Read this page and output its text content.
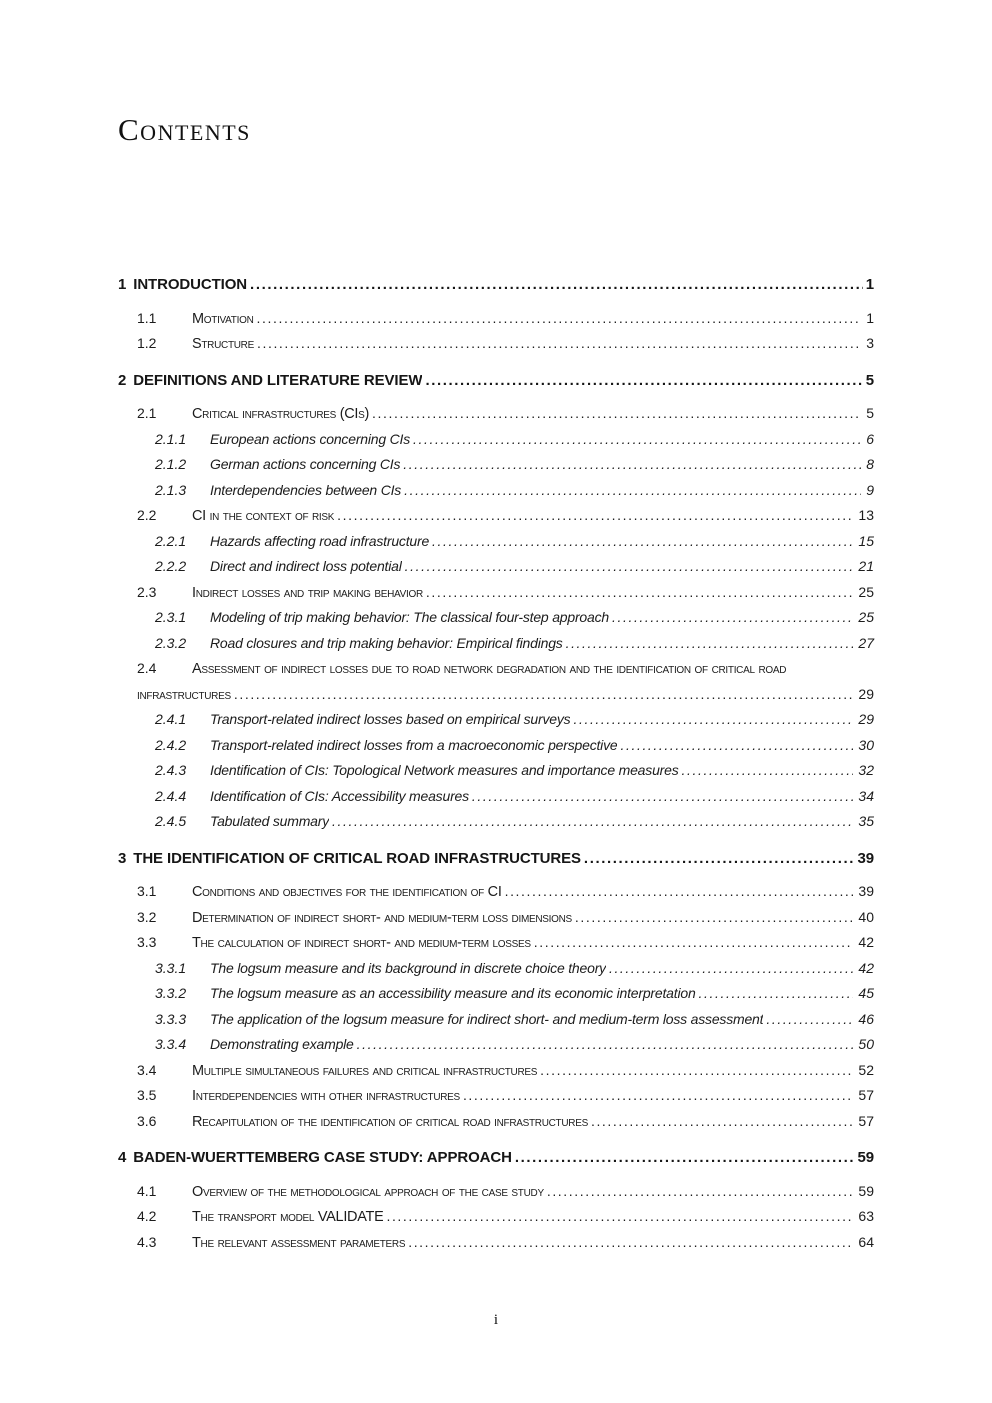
Contents
1 INTRODUCTION .....	1
1.1	Motivation .....	1
1.2	Structure .....	3
2 DEFINITIONS AND LITERATURE REVIEW .....	5
2.1	Critical infrastructures (CIs) .....	5
2.1.1	European actions concerning CIs .....	6
2.1.2	German actions concerning CIs .....	8
2.1.3	Interdependencies between CIs .....	9
2.2	CI in the context of risk .....	13
2.2.1	Hazards affecting road infrastructure .....	15
2.2.2	Direct and indirect loss potential .....	21
2.3	Indirect losses and trip making behavior .....	25
2.3.1	Modeling of trip making behavior: The classical four-step approach .....	25
2.3.2	Road closures and trip making behavior: Empirical findings .....	27
2.4	Assessment of indirect losses due to road network degradation and the identification of critical road
infrastructures .....	29
2.4.1	Transport-related indirect losses based on empirical surveys .....	29
2.4.2	Transport-related indirect losses from a macroeconomic perspective .....	30
2.4.3	Identification of CIs: Topological Network measures and importance measures .....	32
2.4.4	Identification of CIs: Accessibility measures .....	34
2.4.5	Tabulated summary .....	35
3 THE IDENTIFICATION OF CRITICAL ROAD INFRASTRUCTURES .....	39
3.1	Conditions and objectives for the identification of CI .....	39
3.2	Determination of indirect short- and medium-term loss dimensions .....	40
3.3	The calculation of indirect short- and medium-term losses .....	42
3.3.1	The logsum measure and its background in discrete choice theory .....	42
3.3.2	The logsum measure as an accessibility measure and its economic interpretation .....	45
3.3.3	The application of the logsum measure for indirect short- and medium-term loss assessment .....	46
3.3.4	Demonstrating example .....	50
3.4	Multiple simultaneous failures and critical infrastructures .....	52
3.5	Interdependencies with other infrastructures .....	57
3.6	Recapitulation of the identification of critical road infrastructures .....	57
4 BADEN-WUERTTEMBERG CASE STUDY: APPROACH .....	59
4.1	Overview of the methodological approach of the case study .....	59
4.2	The transport model VALIDATE .....	63
4.3	The relevant assessment parameters .....	64
i
